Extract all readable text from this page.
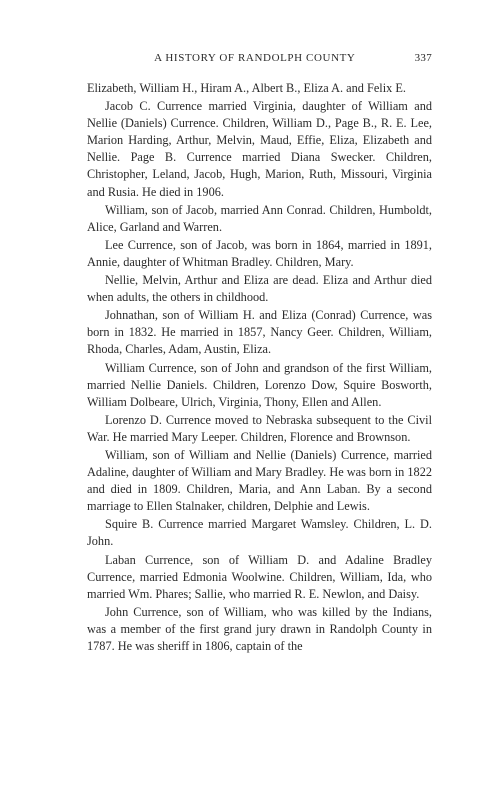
A HISTORY OF RANDOLPH COUNTY	337

Elizabeth, William H., Hiram A., Albert B., Eliza A. and Felix E.

Jacob C. Currence married Virginia, daughter of William and Nellie (Daniels) Currence. Children, William D., Page B., R. E. Lee, Marion Harding, Arthur, Melvin, Maud, Effie, Eliza, Elizabeth and Nellie. Page B. Currence married Diana Swecker. Children, Christopher, Leland, Jacob, Hugh, Marion, Ruth, Missouri, Virginia and Rusia. He died in 1906.

William, son of Jacob, married Ann Conrad. Children, Humboldt, Alice, Garland and Warren.

Lee Currence, son of Jacob, was born in 1864, married in 1891, Annie, daughter of Whitman Bradley. Children, Mary.

Nellie, Melvin, Arthur and Eliza are dead. Eliza and Arthur died when adults, the others in childhood.

Johnathan, son of William H. and Eliza (Conrad) Currence, was born in 1832. He married in 1857, Nancy Geer. Children, William, Rhoda, Charles, Adam, Austin, Eliza.

William Currence, son of John and grandson of the first William, married Nellie Daniels. Children, Lorenzo Dow, Squire Bosworth, William Dolbeare, Ulrich, Virginia, Thony, Ellen and Allen.

Lorenzo D. Currence moved to Nebraska subsequent to the Civil War. He married Mary Leeper. Children, Florence and Brownson.

William, son of William and Nellie (Daniels) Currence, married Adaline, daughter of William and Mary Bradley. He was born in 1822 and died in 1809. Children, Maria, and Ann Laban. By a second marriage to Ellen Stalnaker, children, Delphie and Lewis.

Squire B. Currence married Margaret Wamsley. Children, L. D. John.

Laban Currence, son of William D. and Adaline Bradley Currence, married Edmonia Woolwine. Children, William, Ida, who married Wm. Phares; Sallie, who married R. E. Newlon, and Daisy.

John Currence, son of William, who was killed by the Indians, was a member of the first grand jury drawn in Randolph County in 1787. He was sheriff in 1806, captain of the
